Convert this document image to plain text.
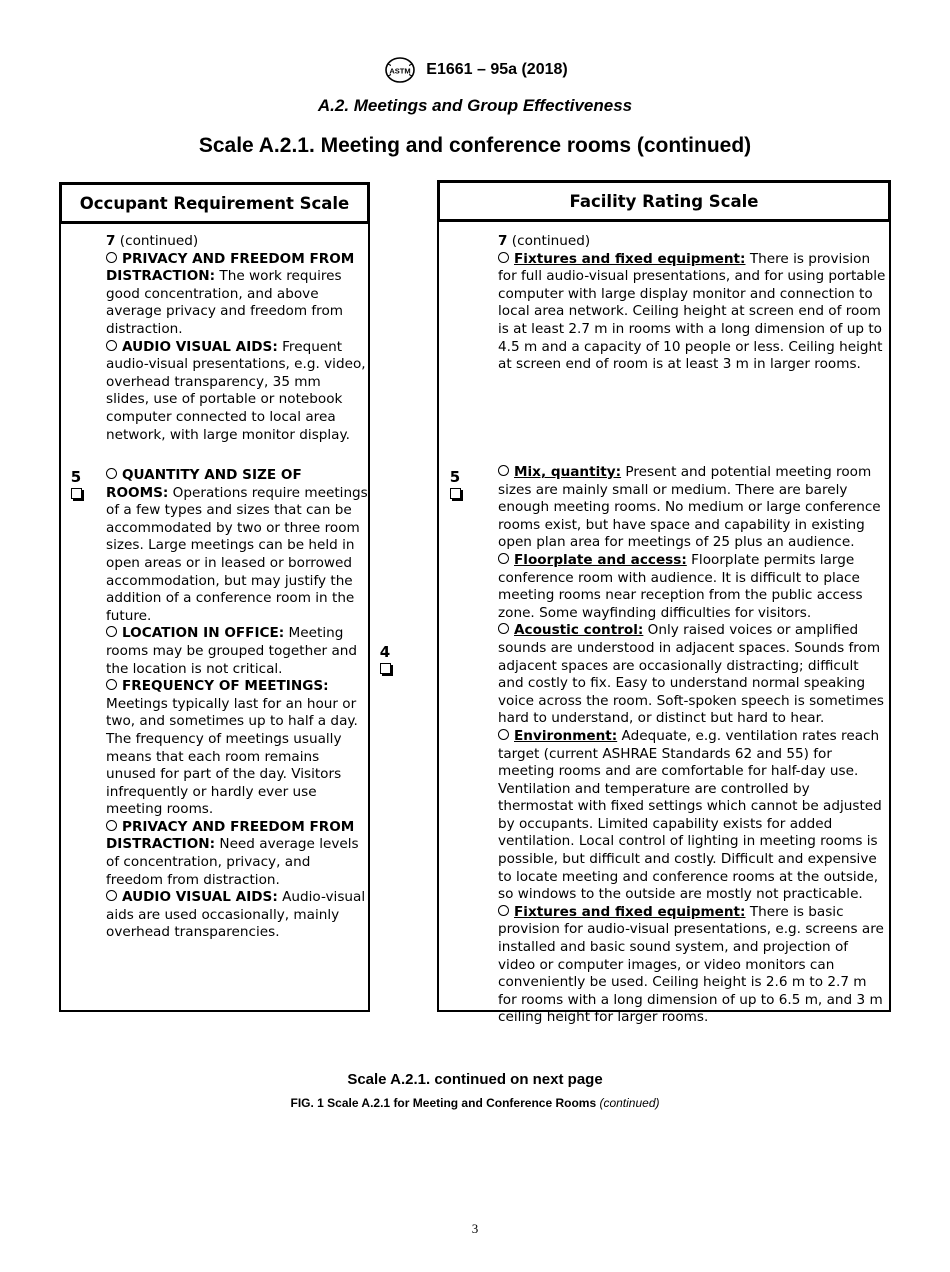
ASTM E1661 – 95a (2018)
A.2. Meetings and Group Effectiveness
Scale A.2.1. Meeting and conference rooms (continued)
Occupant Requirement Scale

7 (continued)

PRIVACY AND FREEDOM FROM DISTRACTION: The work requires good concentration, and above average privacy and freedom from distraction.

AUDIO VISUAL AIDS: Frequent audio-visual presentations, e.g. video, overhead transparency, 35 mm slides, use of portable or notebook computer connected to local area network, with large monitor display.

5	QUANTITY AND SIZE OF ROOMS: Operations require meetings of a few types and sizes that can be accommodated by two or three room sizes. Large meetings can be held in open areas or in leased or borrowed accommodation, but may justify the addition of a conference room in the future.

LOCATION IN OFFICE: Meeting rooms may be grouped together and the location is not critical.

FREQUENCY OF MEETINGS: Meetings typically last for an hour or two, and sometimes up to half a day. The frequency of meetings usually means that each room remains unused for part of the day. Visitors infrequently or hardly ever use meeting rooms.

PRIVACY AND FREEDOM FROM DISTRACTION: Need average levels of concentration, privacy, and freedom from distraction.

AUDIO VISUAL AIDS: Audio-visual aids are used occasionally, mainly overhead transparencies.

4
Facility Rating Scale

7 (continued)

Fixtures and fixed equipment: There is provision for full audio-visual presentations, and for using portable computer with large display monitor and connection to local area network. Ceiling height at screen end of room is at least 2.7 m in rooms with a long dimension of up to 4.5 m and a capacity of 10 people or less. Ceiling height at screen end of room is at least 3 m in larger rooms.

5	Mix, quantity: Present and potential meeting room sizes are mainly small or medium. There are barely enough meeting rooms. No medium or large conference rooms exist, but have space and capability in existing open plan area for meetings of 25 plus an audience.

Floorplate and access: Floorplate permits large conference room with audience. It is difficult to place meeting rooms near reception from the public access zone. Some wayfinding difficulties for visitors.

Acoustic control: Only raised voices or amplified sounds are understood in adjacent spaces. Sounds from adjacent spaces are occasionally distracting; difficult and costly to fix. Easy to understand normal speaking voice across the room. Soft-spoken speech is sometimes hard to understand, or distinct but hard to hear.

Environment: Adequate, e.g. ventilation rates reach target (current ASHRAE Standards 62 and 55) for meeting rooms and are comfortable for half-day use. Ventilation and temperature are controlled by thermostat with fixed settings which cannot be adjusted by occupants. Limited capability exists for added ventilation. Local control of lighting in meeting rooms is possible, but difficult and costly. Difficult and expensive to locate meeting and conference rooms at the outside, so windows to the outside are mostly not practicable.

Fixtures and fixed equipment: There is basic provision for audio-visual presentations, e.g. screens are installed and basic sound system, and projection of video or computer images, or video monitors can conveniently be used. Ceiling height is 2.6 m to 2.7 m for rooms with a long dimension of up to 6.5 m, and 3 m ceiling height for larger rooms.

Scale A.2.1. continued on next page
FIG. 1 Scale A.2.1 for Meeting and Conference Rooms (continued)
3
